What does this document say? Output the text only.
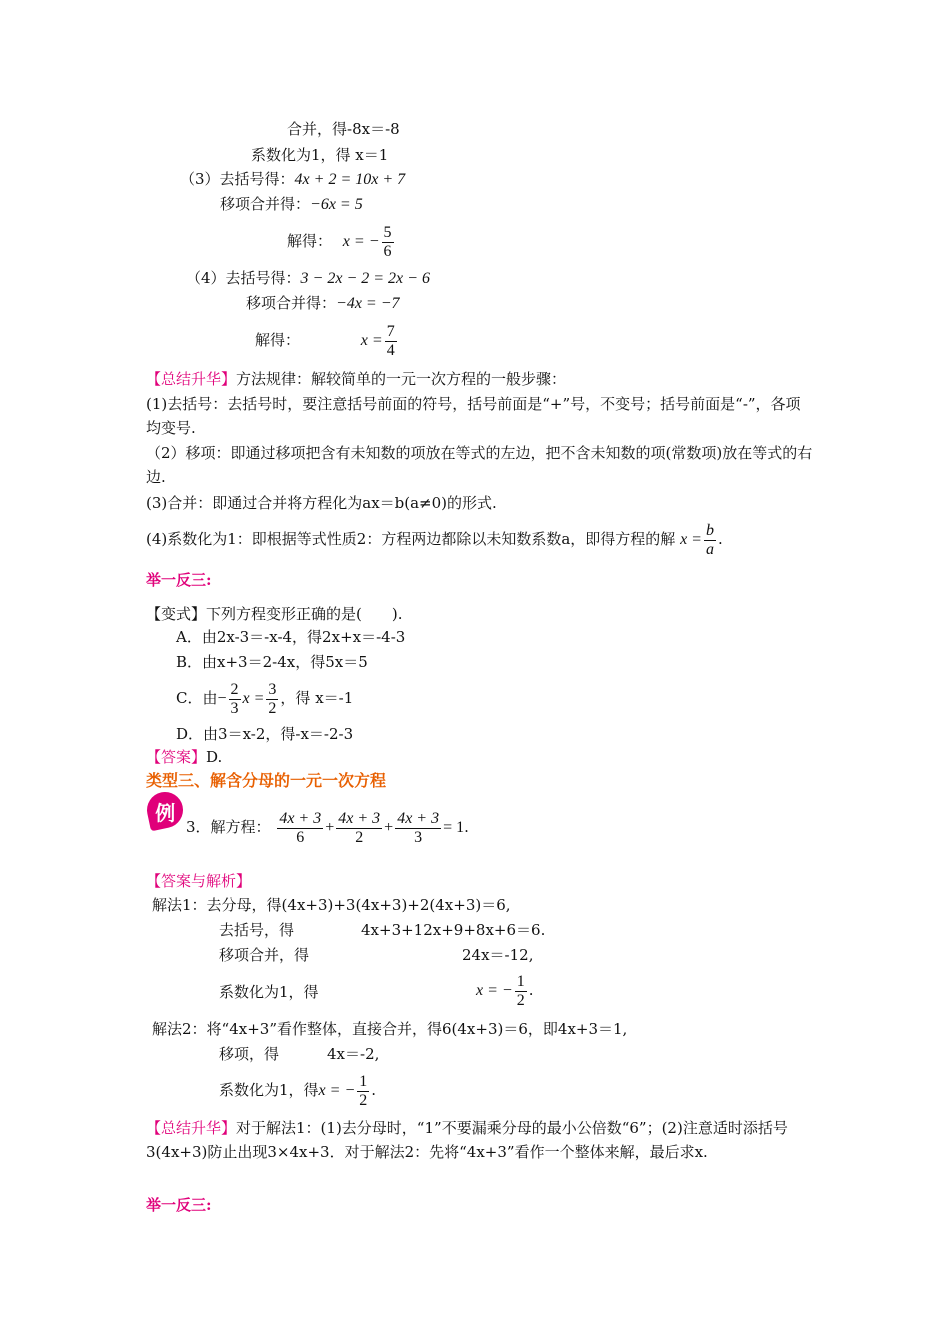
合并，得-8x＝-8
系数化为1，得 x＝1
（3）去括号得：4x + 2 = 10x + 7
移项合并得：−6x = 5
解得： x = − $\frac{5}{6}$
（4）去括号得：3 − 2x − 2 = 2x − 6
移项合并得：−4x = −7
解得：	$x = \frac{7}{4}$
【总结升华】方法规律：解较简单的一元一次方程的一般步骤：
(1)去括号：去括号时，要注意括号前面的符号，括号前面是“+”号，不变号；括号前面是“-”，各项均变号.
（2）移项：即通过移项把含有未知数的项放在等式的左边，把不含未知数的项(常数项)放在等式的右边.
(3)合并：即通过合并将方程化为ax＝b(a≠0)的形式.
(4)系数化为1：即根据等式性质2：方程两边都除以未知数系数a，即得方程的解 $x = \frac{b}{a}$ .
举一反三:
【变式】下列方程变形正确的是(　　).
A．由2x-3＝-x-4，得2x+x＝-4-3
B．由x+3＝2-4x，得5x＝5
C．由− $\frac{2}{3}$ $x = \frac{3}{2}$ ，得 x＝-1
D．由3＝x-2，得-x＝-2-3
【答案】D.
类型三、解含分母的一元一次方程
例
3．解方程： $\frac{4x + 3}{6} + \frac{4x + 3}{2} + \frac{4x + 3}{3} = 1$.
【答案与解析】
解法1：去分母，得(4x+3)+3(4x+3)+2(4x+3)＝6,
去括号，得	4x+3+12x+9+8x+6＝6.
移项合并，得	24x＝-12,
系数化为1，得	x = − $\frac{1}{2}$ .
解法2：将“4x+3”看作整体，直接合并，得6(4x+3)＝6，即4x+3＝1,
移项，得	4x＝-2,
系数化为1，得x = − $\frac{1}{2}$ .
【总结升华】对于解法1：(1)去分母时，“1”不要漏乘分母的最小公倍数“6”；(2)注意适时添括号3(4x+3)防止出现3×4x+3．对于解法2：先将“4x+3”看作一个整体来解，最后求x.
举一反三:
